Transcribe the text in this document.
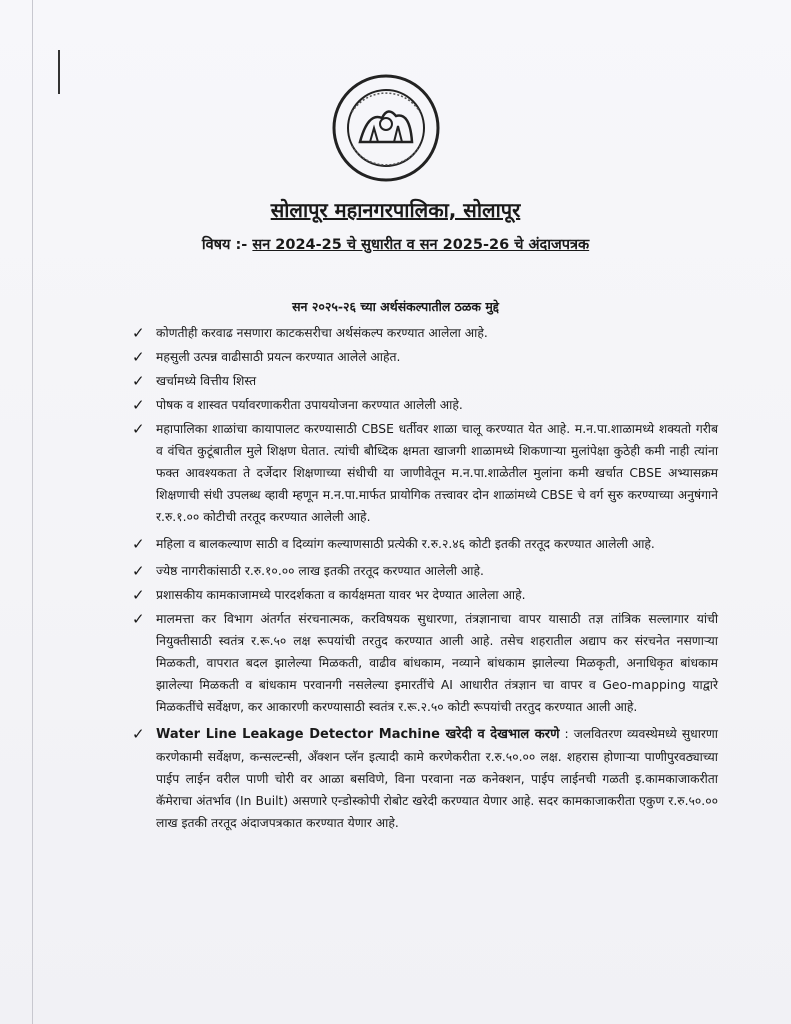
सोलापूर महानगरपालिका, सोलापूर
विषय :- सन 2024-25 चे सुधारीत व सन 2025-26 चे अंदाजपत्रक
सन २०२५-२६ च्या अर्थसंकल्पातील ठळक मुद्दे
✓ कोणतीही करवाढ नसणारा काटकसरीचा अर्थसंकल्प करण्यात आलेला आहे.
✓ महसुली उत्पन्न वाढीसाठी प्रयत्न करण्यात आलेले आहेत.
✓ खर्चामध्ये वित्तीय शिस्त
✓ पोषक व शास्वत पर्यावरणाकरीता उपाययोजना करण्यात आलेली आहे.
✓ महापालिका शाळांचा कायापालट करण्यासाठी CBSE धर्तीवर शाळा चालू करण्यात येत आहे. म.न.पा.शाळामध्ये शक्यतो गरीब व वंचित कुटूंबातील मुले शिक्षण घेतात. त्यांची बौध्दिक क्षमता खाजगी शाळामध्ये शिकणाऱ्या मुलांपेक्षा कुठेही कमी नाही त्यांना फक्त आवश्यकता ते दर्जेदार शिक्षणाच्या संधीची या जाणीवेतून म.न.पा.शाळेतील मुलांना कमी खर्चात CBSE अभ्यासक्रम शिक्षणाची संधी उपलब्ध व्हावी म्हणून म.न.पा.मार्फत प्रायोगिक तत्त्वावर दोन शाळांमध्ये CBSE चे वर्ग सुरु करण्याच्या अनुषंगाने र.रु.१.०० कोटीची तरतूद करण्यात आलेली आहे.
✓ महिला व बालकल्याण साठी व दिव्यांग कल्याणसाठी प्रत्येकी र.रु.२.४६ कोटी इतकी तरतूद करण्यात आलेली आहे.
✓ ज्येष्ठ नागरीकांसाठी र.रु.१०.०० लाख इतकी तरतूद करण्यात आलेली आहे.
✓ प्रशासकीय कामकाजामध्ये पारदर्शकता व कार्यक्षमता यावर भर देण्यात आलेला आहे.
✓ मालमत्ता कर विभाग अंतर्गत संरचनात्मक, करविषयक सुधारणा, तंत्रज्ञानाचा वापर यासाठी तज्ञ तांत्रिक सल्लागार यांची नियुक्तीसाठी स्वतंत्र र.रू.५० लक्ष रूपयांची तरतुद करण्यात आली आहे. तसेच शहरातील अद्याप कर संरचनेत नसणाऱ्या मिळकती, वापरात बदल झालेल्या मिळकती, वाढीव बांधकाम, नव्याने बांधकाम झालेल्या मिळकृती, अनाधिकृत बांधकाम झालेल्या मिळकती व बांधकाम परवानगी नसलेल्या इमारतींचे AI आधारीत तंत्रज्ञान चा वापर व Geo-mapping याद्वारे मिळकतींचे सर्वेक्षण, कर आकारणी करण्यासाठी स्वतंत्र र.रू.२.५० कोटी रूपयांची तरतुद करण्यात आली आहे.
✓ Water Line Leakage Detector Machine खरेदी व देखभाल करणे : जलवितरण व्यवस्थेमध्ये सुधारणा करणेकामी सर्वेक्षण, कन्सल्टन्सी, अँक्शन प्लॅन इत्यादी कामे करणेकरीता र.रु.५०.०० लक्ष. शहरास होणाऱ्या पाणीपुरवठ्याच्या पाईप लाईन वरील पाणी चोरी वर आळा बसविणे, विना परवाना नळ कनेक्शन, पाईप लाईनची गळती इ.कामकाजाकरीता कॅमेराचा अंतर्भाव (In Built) असणारे एन्डोस्कोपी रोबोट खरेदी करण्यात येणार आहे. सदर कामकाजाकरीता एकुण र.रु.५०.०० लाख इतकी तरतूद अंदाजपत्रकात करण्यात येणार आहे.
